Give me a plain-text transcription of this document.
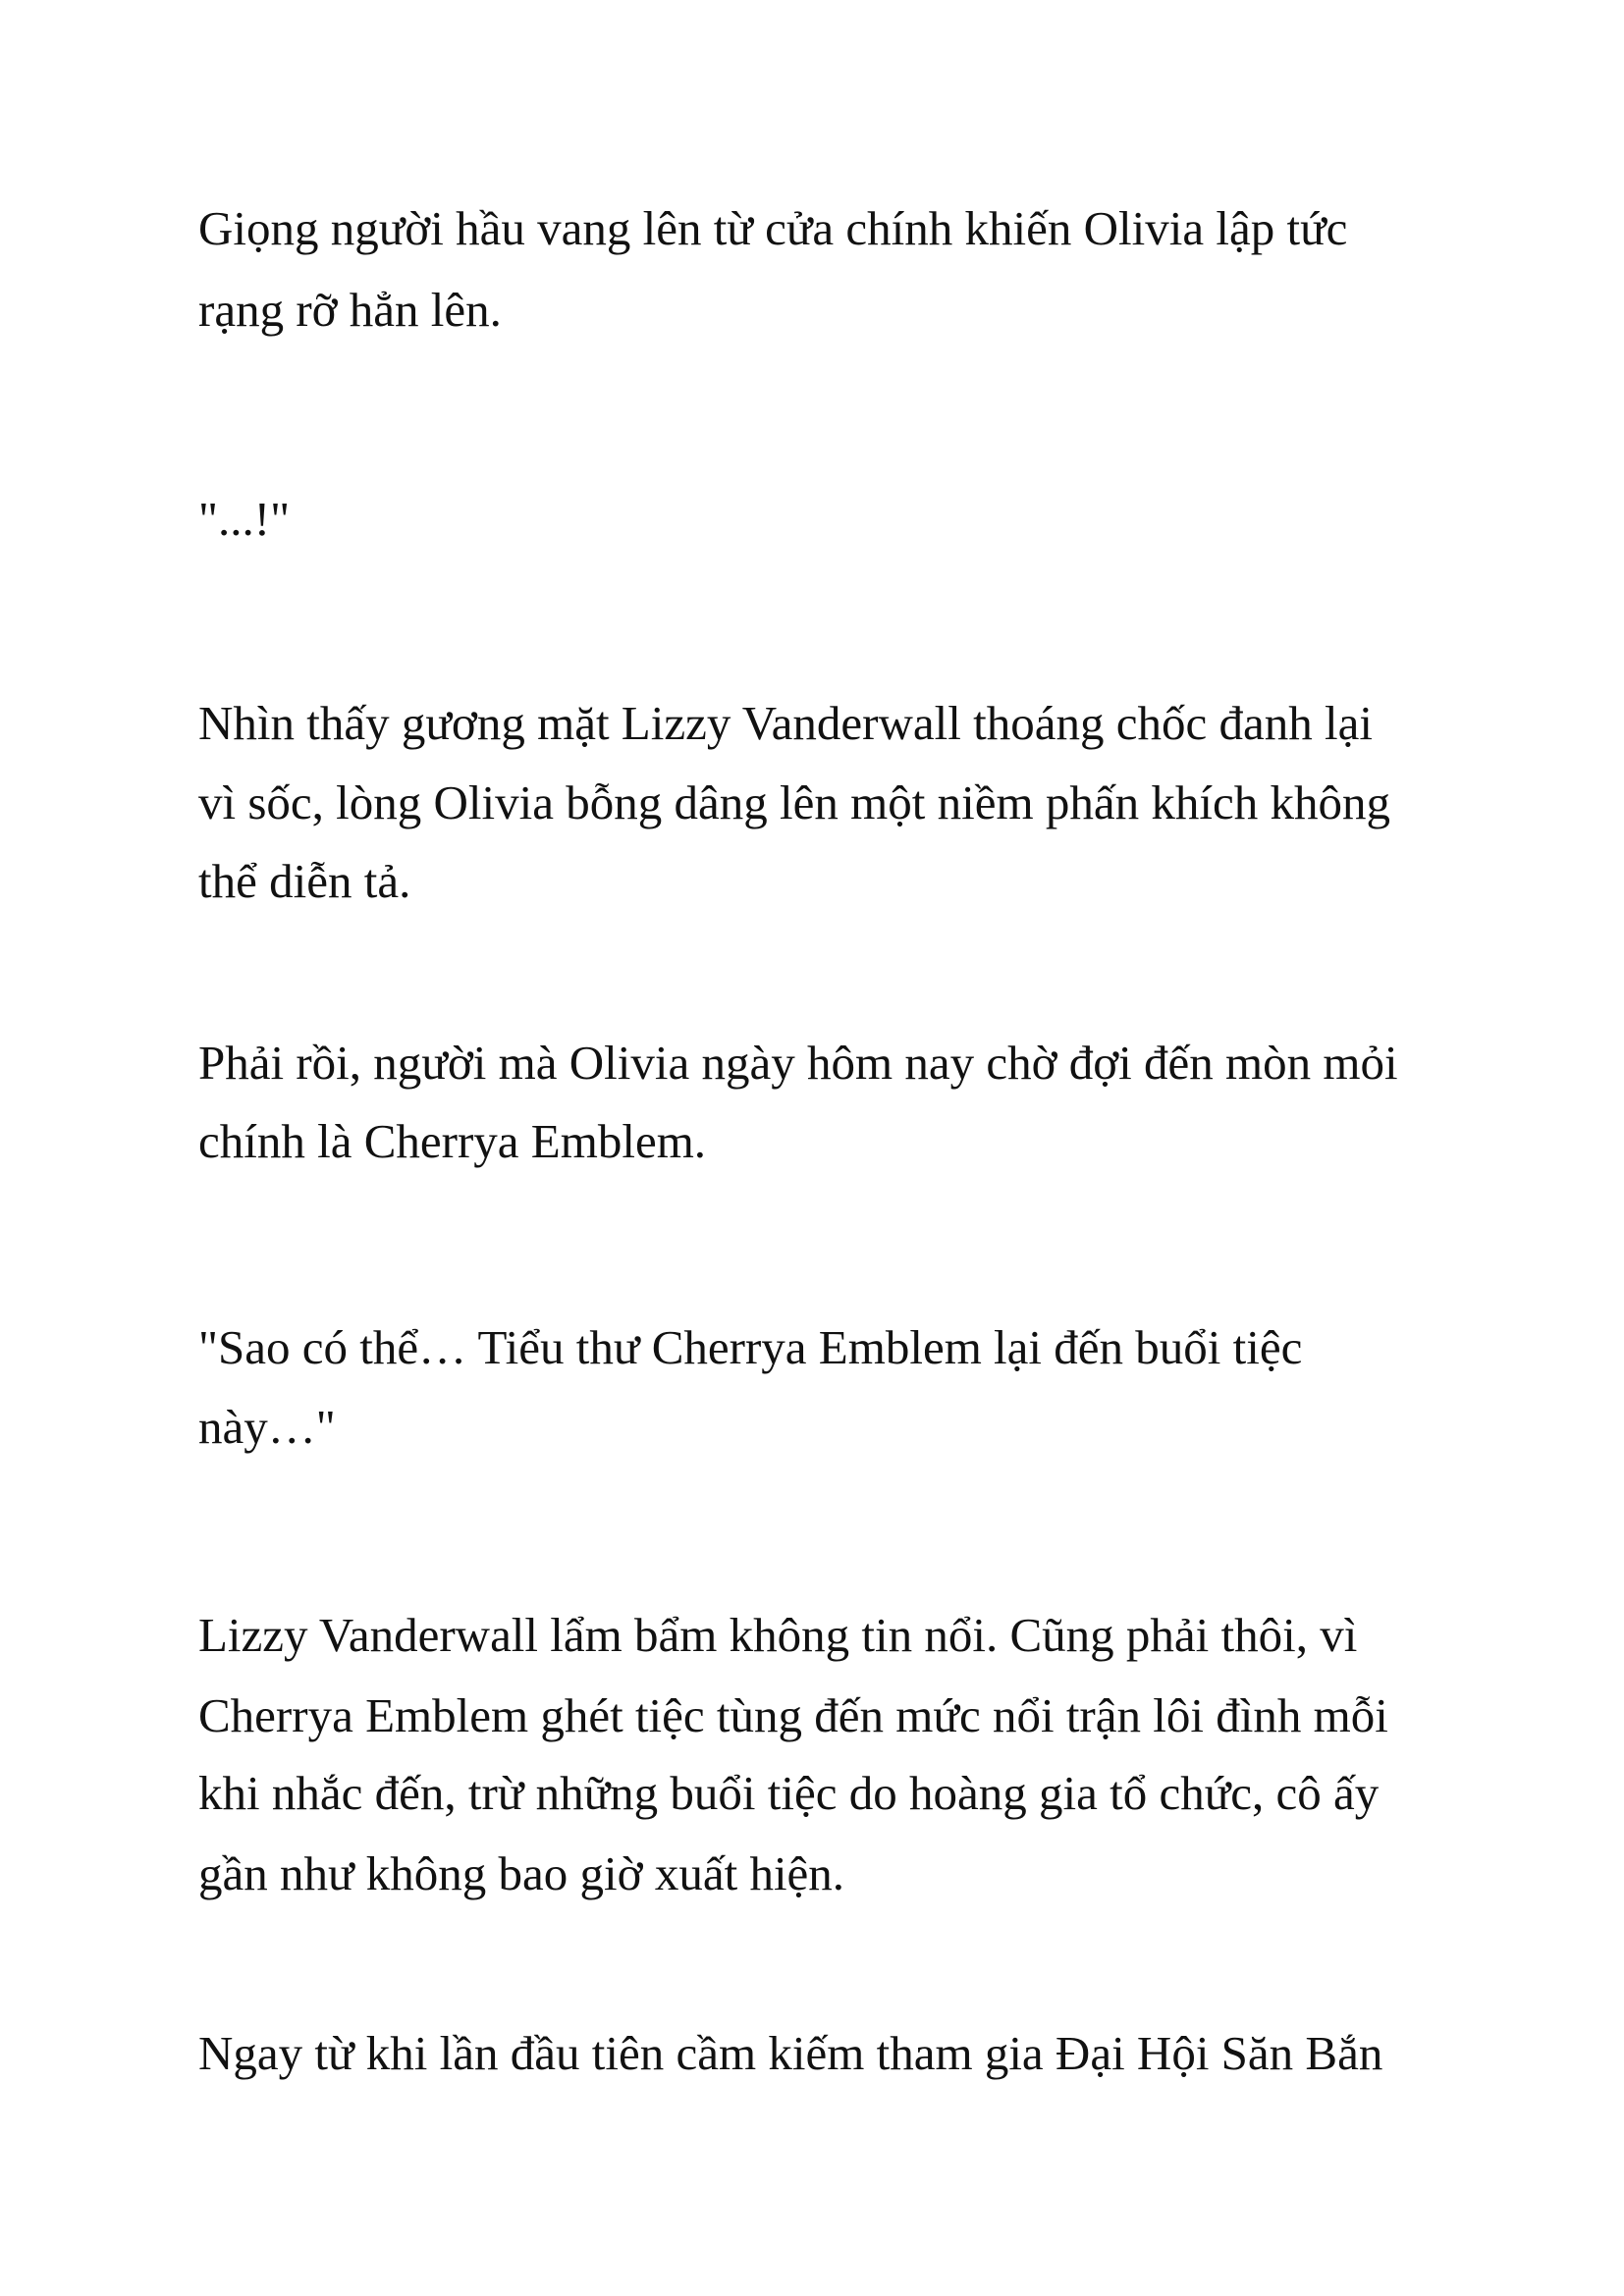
Giọng người hầu vang lên từ cửa chính khiến Olivia lập tức
rạng rỡ hẳn lên.
"...!"
Nhìn thấy gương mặt Lizzy Vanderwall thoáng chốc đanh lại
vì sốc, lòng Olivia bỗng dâng lên một niềm phấn khích không
thể diễn tả.
Phải rồi, người mà Olivia ngày hôm nay chờ đợi đến mòn mỏi
chính là Cherrya Emblem.
"Sao có thể… Tiểu thư Cherrya Emblem lại đến buổi tiệc
này…"
Lizzy Vanderwall lẩm bẩm không tin nổi. Cũng phải thôi, vì
Cherrya Emblem ghét tiệc tùng đến mức nổi trận lôi đình mỗi
khi nhắc đến, trừ những buổi tiệc do hoàng gia tổ chức, cô ấy
gần như không bao giờ xuất hiện.
Ngay từ khi lần đầu tiên cầm kiếm tham gia Đại Hội Săn Bắn
